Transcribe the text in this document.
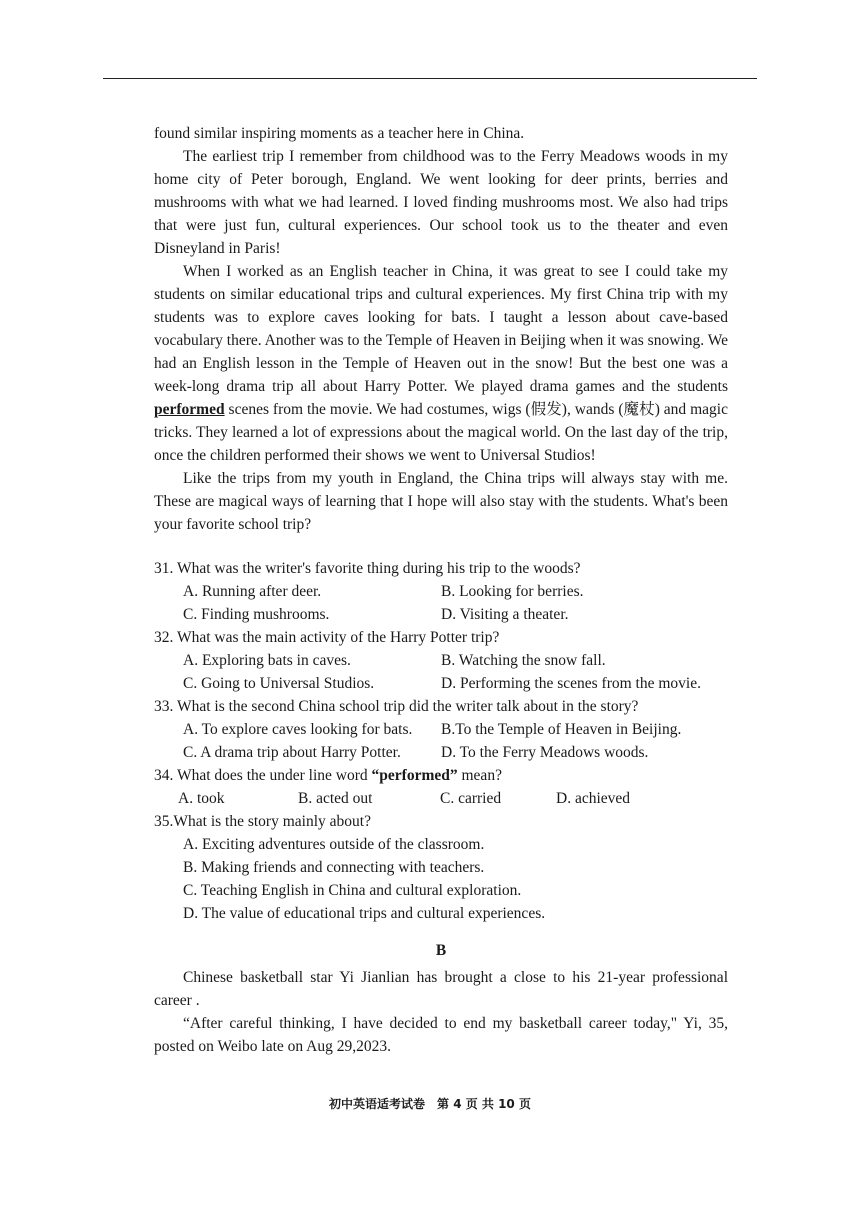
found similar inspiring moments as a teacher here in China.

The earliest trip I remember from childhood was to the Ferry Meadows woods in my home city of Peter borough, England. We went looking for deer prints, berries and mushrooms with what we had learned. I loved finding mushrooms most. We also had trips that were just fun, cultural experiences. Our school took us to the theater and even Disneyland in Paris!

When I worked as an English teacher in China, it was great to see I could take my students on similar educational trips and cultural experiences. My first China trip with my students was to explore caves looking for bats. I taught a lesson about cave-based vocabulary there. Another was to the Temple of Heaven in Beijing when it was snowing. We had an English lesson in the Temple of Heaven out in the snow! But the best one was a week-long drama trip all about Harry Potter. We played drama games and the students performed scenes from the movie. We had costumes, wigs (假发), wands (魔杖) and magic tricks. They learned a lot of expressions about the magical world. On the last day of the trip, once the children performed their shows we went to Universal Studios!

Like the trips from my youth in England, the China trips will always stay with me. These are magical ways of learning that I hope will also stay with the students. What's been your favorite school trip?

31. What was the writer's favorite thing during his trip to the woods?

A. Running after deer.	B. Looking for berries.
C. Finding mushrooms.	D. Visiting a theater.

32. What was the main activity of the Harry Potter trip?

A. Exploring bats in caves.	B. Watching the snow fall.
C. Going to Universal Studios.	D. Performing the scenes from the movie.

33. What is the second China school trip did the writer talk about in the story?

A. To explore caves looking for bats.	B.To the Temple of Heaven in Beijing.
C. A drama trip about Harry Potter.	D. To the Ferry Meadows woods.

34. What does the under line word “performed” mean?

A. took	B. acted out	C. carried	D. achieved

35.What is the story mainly about?

A. Exciting adventures outside of the classroom.
B. Making friends and connecting with teachers.
C. Teaching English in China and cultural exploration.
D. The value of educational trips and cultural experiences.
B

Chinese basketball star Yi Jianlian has brought a close to his 21-year professional career .

“After careful thinking, I have decided to end my basketball career today," Yi, 35, posted on Weibo late on Aug 29,2023.

初中英语适考试卷　第 4 页 共 10 页
